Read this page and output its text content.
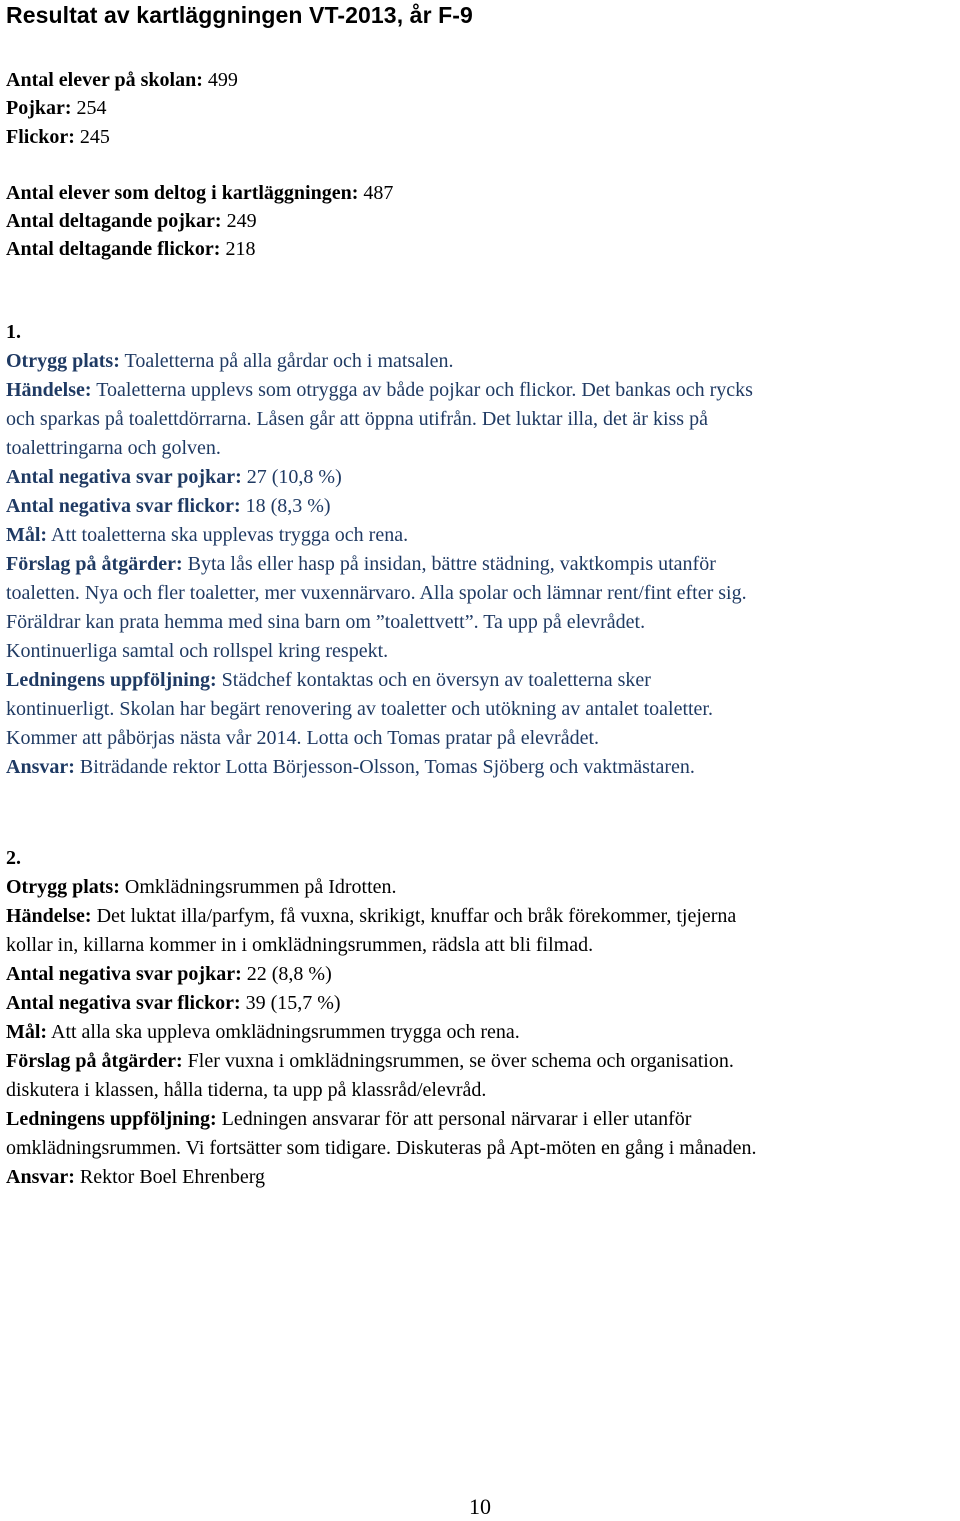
Resultat av kartläggningen VT-2013, år F-9
Antal elever på skolan: 499
Pojkar: 254
Flickor: 245
Antal elever som deltog i kartläggningen: 487
Antal deltagande pojkar: 249
Antal deltagande flickor: 218
1.
Otrygg plats: Toaletterna på alla gårdar och i matsalen.
Händelse: Toaletterna upplevs som otrygga av både pojkar och flickor. Det bankas och rycks
och sparkas på toalettdörrarna. Låsen går att öppna utifrån. Det luktar illa, det är kiss på
toalettringarna och golven.
Antal negativa svar pojkar: 27 (10,8 %)
Antal negativa svar flickor: 18 (8,3 %)
Mål: Att toaletterna ska upplevas trygga och rena.
Förslag på åtgärder: Byta lås eller hasp på insidan, bättre städning, vaktkompis utanför
toaletten. Nya och fler toaletter, mer vuxennärvaro. Alla spolar och lämnar rent/fint efter sig.
Föräldrar kan prata hemma med sina barn om ”toalettvett”. Ta upp på elevrådet.
Kontinuerliga samtal och rollspel kring respekt.
Ledningens uppföljning: Städchef kontaktas och en översyn av toaletterna sker
kontinuerligt. Skolan har begärt renovering av toaletter och utökning av antalet toaletter.
Kommer att påbörjas nästa vår 2014. Lotta och Tomas pratar på elevrådet.
Ansvar: Biträdande rektor Lotta Börjesson-Olsson, Tomas Sjöberg och vaktmästaren.
2.
Otrygg plats: Omklädningsrummen på Idrotten.
Händelse: Det luktat illa/parfym, få vuxna, skrikigt, knuffar och bråk förekommer, tjejerna
kollar in, killarna kommer in i omklädningsrummen, rädsla att bli filmad.
Antal negativa svar pojkar: 22 (8,8 %)
Antal negativa svar flickor: 39 (15,7 %)
Mål: Att alla ska uppleva omklädningsrummen trygga och rena.
Förslag på åtgärder: Fler vuxna i omklädningsrummen, se över schema och organisation.
diskutera i klassen, hålla tiderna, ta upp på klassråd/elevråd.
Ledningens uppföljning: Ledningen ansvarar för att personal närvarar i eller utanför
omklädningsrummen. Vi fortsätter som tidigare. Diskuteras på Apt-möten en gång i månaden.
Ansvar: Rektor Boel Ehrenberg
10
